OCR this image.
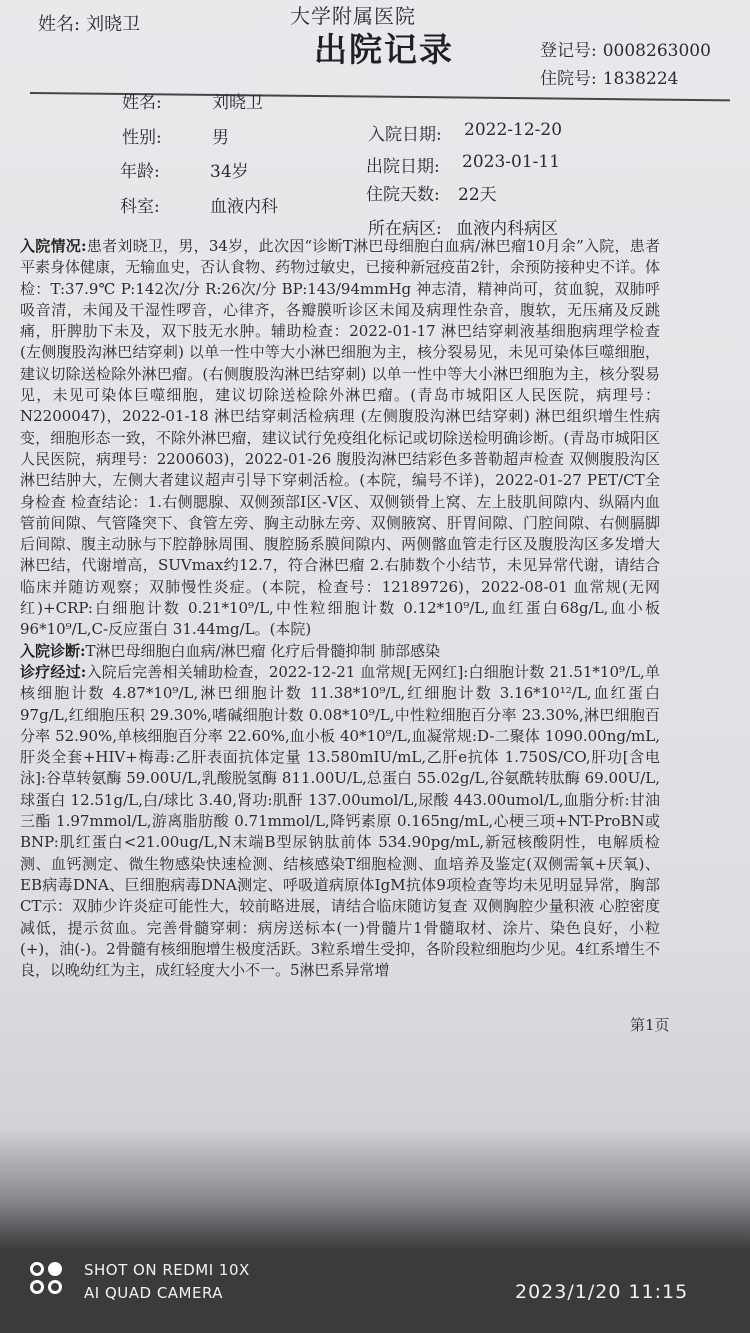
大学附属医院
出院记录
姓名: 刘晓卫
登记号: 0008263000
住院号: 1838224
姓名:	刘晓卫
性别:	男
年龄:	34岁
科室:	血液内科
入院日期: 2022-12-20
出院日期: 2023-01-11
住院天数: 22天
所在病区: 血液内科病区

入院情况:患者刘晓卫，男，34岁，此次因“诊断T淋巴母细胞白血病/淋巴瘤10月余”入院，患者平素身体健康，无输血史，否认食物、药物过敏史，已接种新冠疫苗2针，余预防接种史不详。体检：T:37.9℃ P:142次/分 R:26次/分 BP:143/94mmHg 神志清，精神尚可，贫血貌，双肺呼吸音清，未闻及干湿性啰音，心律齐，各瓣膜听诊区未闻及病理性杂音，腹软，无压痛及反跳痛，肝脾肋下未及，双下肢无水肿。辅助检查：2022-01-17 淋巴结穿刺液基细胞病理学检查 (左侧腹股沟淋巴结穿刺) 以单一性中等大小淋巴细胞为主，核分裂易见，未见可染体巨噬细胞，建议切除送检除外淋巴瘤。(右侧腹股沟淋巴结穿刺) 以单一性中等大小淋巴细胞为主，核分裂易见，未见可染体巨噬细胞，建议切除送检除外淋巴瘤。(青岛市城阳区人民医院，病理号：N2200047)，2022-01-18 淋巴结穿刺活检病理 (左侧腹股沟淋巴结穿刺) 淋巴组织增生性病变，细胞形态一致，不除外淋巴瘤，建议试行免疫组化标记或切除送检明确诊断。(青岛市城阳区人民医院，病理号：2200603)，2022-01-26 腹股沟淋巴结彩色多普勒超声检查 双侧腹股沟区淋巴结肿大，左侧大者建议超声引导下穿刺活检。(本院，编号不详)，2022-01-27 PET/CT全身检查 检查结论：1.右侧腮腺、双侧颈部Ⅰ区-Ⅴ区、双侧锁骨上窝、左上肢肌间隙内、纵隔内血管前间隙、气管隆突下、食管左旁、胸主动脉左旁、双侧腋窝、肝胃间隙、门腔间隙、右侧膈脚后间隙、腹主动脉与下腔静脉周围、腹腔肠系膜间隙内、两侧髂血管走行区及腹股沟区多发增大淋巴结，代谢增高，SUVmax约12.7，符合淋巴瘤 2.右肺数个小结节，未见异常代谢，请结合临床并随访观察；双肺慢性炎症。(本院，检查号：12189726)，2022-08-01 血常规(无网红)+CRP:白细胞计数 0.21*10⁹/L,中性粒细胞计数 0.12*10⁹/L,血红蛋白68g/L,血小板 96*10⁹/L,C-反应蛋白 31.44mg/L。(本院)

入院诊断:T淋巴母细胞白血病/淋巴瘤 化疗后骨髓抑制 肺部感染

诊疗经过:入院后完善相关辅助检查，2022-12-21 血常规[无网红]:白细胞计数 21.51*10⁹/L,单核细胞计数 4.87*10⁹/L,淋巴细胞计数 11.38*10⁹/L,红细胞计数 3.16*10¹²/L,血红蛋白 97g/L,红细胞压积 29.30%,嗜碱细胞计数 0.08*10⁹/L,中性粒细胞百分率 23.30%,淋巴细胞百分率 52.90%,单核细胞百分率 22.60%,血小板 40*10⁹/L,血凝常规:D-二聚体 1090.00ng/mL,肝炎全套+HIV+梅毒:乙肝表面抗体定量 13.580mIU/mL,乙肝e抗体 1.750S/CO,肝功[含电泳]:谷草转氨酶 59.00U/L,乳酸脱氢酶 811.00U/L,总蛋白 55.02g/L,谷氨酰转肽酶 69.00U/L,球蛋白 12.51g/L,白/球比 3.40,肾功:肌酐 137.00umol/L,尿酸 443.00umol/L,血脂分析:甘油三酯 1.97mmol/L,游离脂肪酸 0.71mmol/L,降钙素原 0.165ng/mL,心梗三项+NT-ProBN或BNP:肌红蛋白<21.00ug/L,N末端B型尿钠肽前体 534.90pg/mL,新冠核酸阴性，电解质检测、血钙测定、微生物感染快速检测、结核感染T细胞检测、血培养及鉴定(双侧需氧+厌氧)、EB病毒DNA、巨细胞病毒DNA测定、呼吸道病原体IgM抗体9项检查等均未见明显异常，胸部CT示：双肺少许炎症可能性大，较前略进展，请结合临床随访复查 双侧胸腔少量积液 心腔密度减低，提示贫血。完善骨髓穿刺：病房送标本(一)骨髓片1骨髓取材、涂片、染色良好，小粒(+)，油(-)。2骨髓有核细胞增生极度活跃。3粒系增生受抑，各阶段粒细胞均少见。4红系增生不良，以晚幼红为主，成红轻度大小不一。5淋巴系异常增

第1页
SHOT ON REDMI 10X
AI QUAD CAMERA	2023/1/20 11:15
